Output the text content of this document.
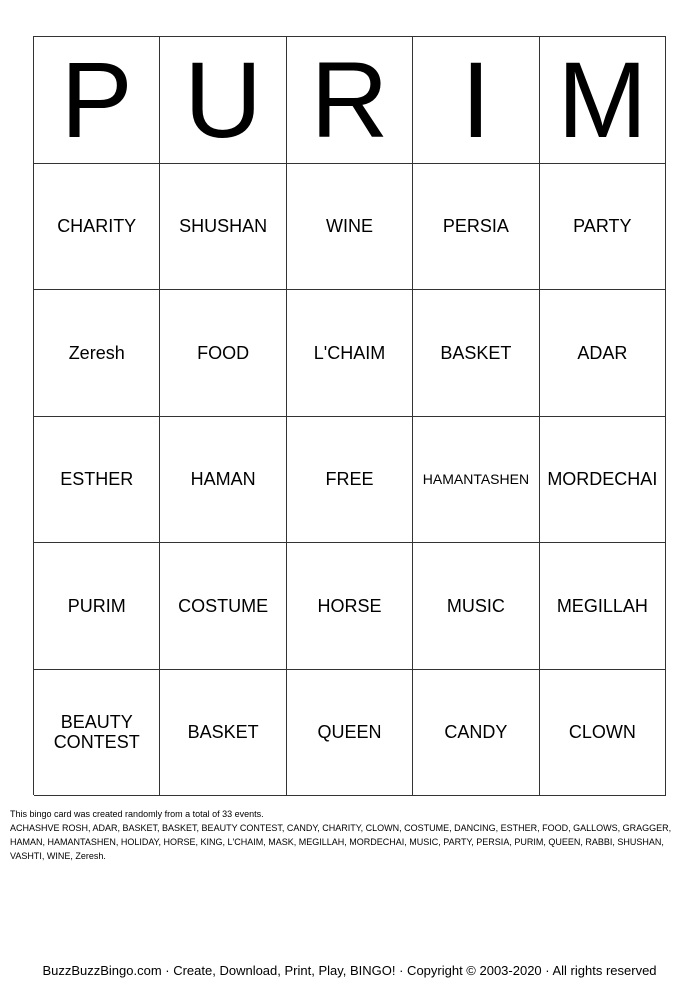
P U R I M
CHARITY	SHUSHAN	WINE	PERSIA	PARTY
Zeresh	FOOD	L'CHAIM	BASKET	ADAR
ESTHER	HAMAN	FREE	HAMANTASHEN	MORDECHAI
PURIM	COSTUME	HORSE	MUSIC	MEGILLAH
BEAUTY CONTEST	BASKET	QUEEN	CANDY	CLOWN
This bingo card was created randomly from a total of 33 events.
ACHASHVE ROSH, ADAR, BASKET, BASKET, BEAUTY CONTEST, CANDY, CHARITY, CLOWN, COSTUME, DANCING, ESTHER, FOOD, GALLOWS, GRAGGER, HAMAN, HAMANTASHEN, HOLIDAY, HORSE, KING, L'CHAIM, MASK, MEGILLAH, MORDECHAI, MUSIC, PARTY, PERSIA, PURIM, QUEEN, RABBI, SHUSHAN, VASHTI, WINE, Zeresh.
BuzzBuzzBingo.com · Create, Download, Print, Play, BINGO! · Copyright © 2003-2020 · All rights reserved
